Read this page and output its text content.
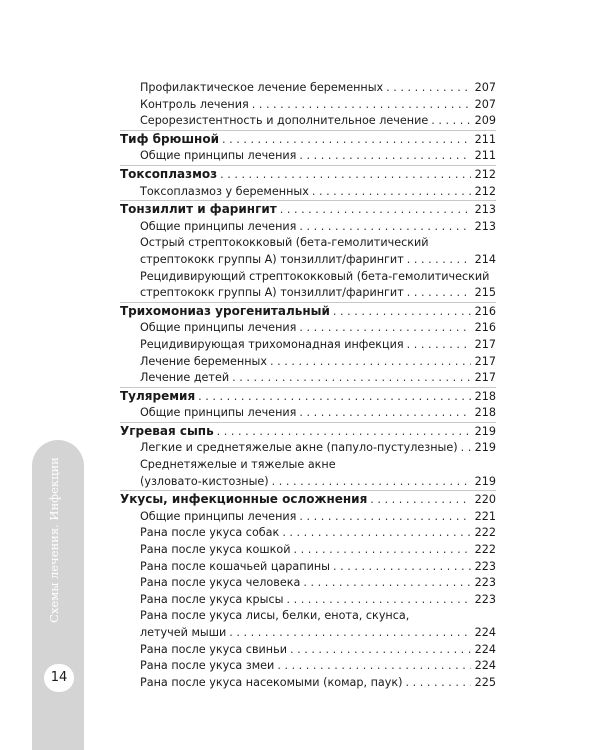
Профилактическое лечение беременных . . .	207
Контроль лечения . . .	207
Серорезистентность и дополнительное лечение . . .	209
Тиф брюшной . . .	211
Общие принципы лечения . . .	211
Токсоплазмоз . . .	212
Токсоплазмоз у беременных . . .	212
Тонзиллит и фарингит . . .	213
Общие принципы лечения . . .	213
Острый стрептококковый (бета-гемолитический
стрептококк группы А) тонзиллит/фарингит . . .	214
Рецидивирующий стрептококковый (бета-гемолитический
стрептококк группы А) тонзиллит/фарингит . . .	215
Трихомониаз урогенитальный . . .	216
Общие принципы лечения . . .	216
Рецидивирующая трихомонадная инфекция . . .	217
Лечение беременных . . .	217
Лечение детей . . .	217
Туляремия . . .	218
Общие принципы лечения . . .	218
Угревая сыпь . . .	219
Легкие и среднетяжелые акне (папуло-пустулезные) . . . 219
Среднетяжелые и тяжелые акне
(узловато-кистозные) . . .	219
Укусы, инфекционные осложнения . . .	220
Общие принципы лечения . . .	221
Рана после укуса собак . . .	222
Рана после укуса кошкой . . .	222
Рана после кошачьей царапины . . .	223
Рана после укуса человека . . .	223
Рана после укуса крысы . . .	223
Рана после укуса лисы, белки, енота, скунса,
летучей мыши . . .	224
Рана после укуса свиньи . . .	224
Рана после укуса змеи . . .	224
Рана после укуса насекомыми (комар, паук) . . .	225
Схемы лечения. Инфекции
14
